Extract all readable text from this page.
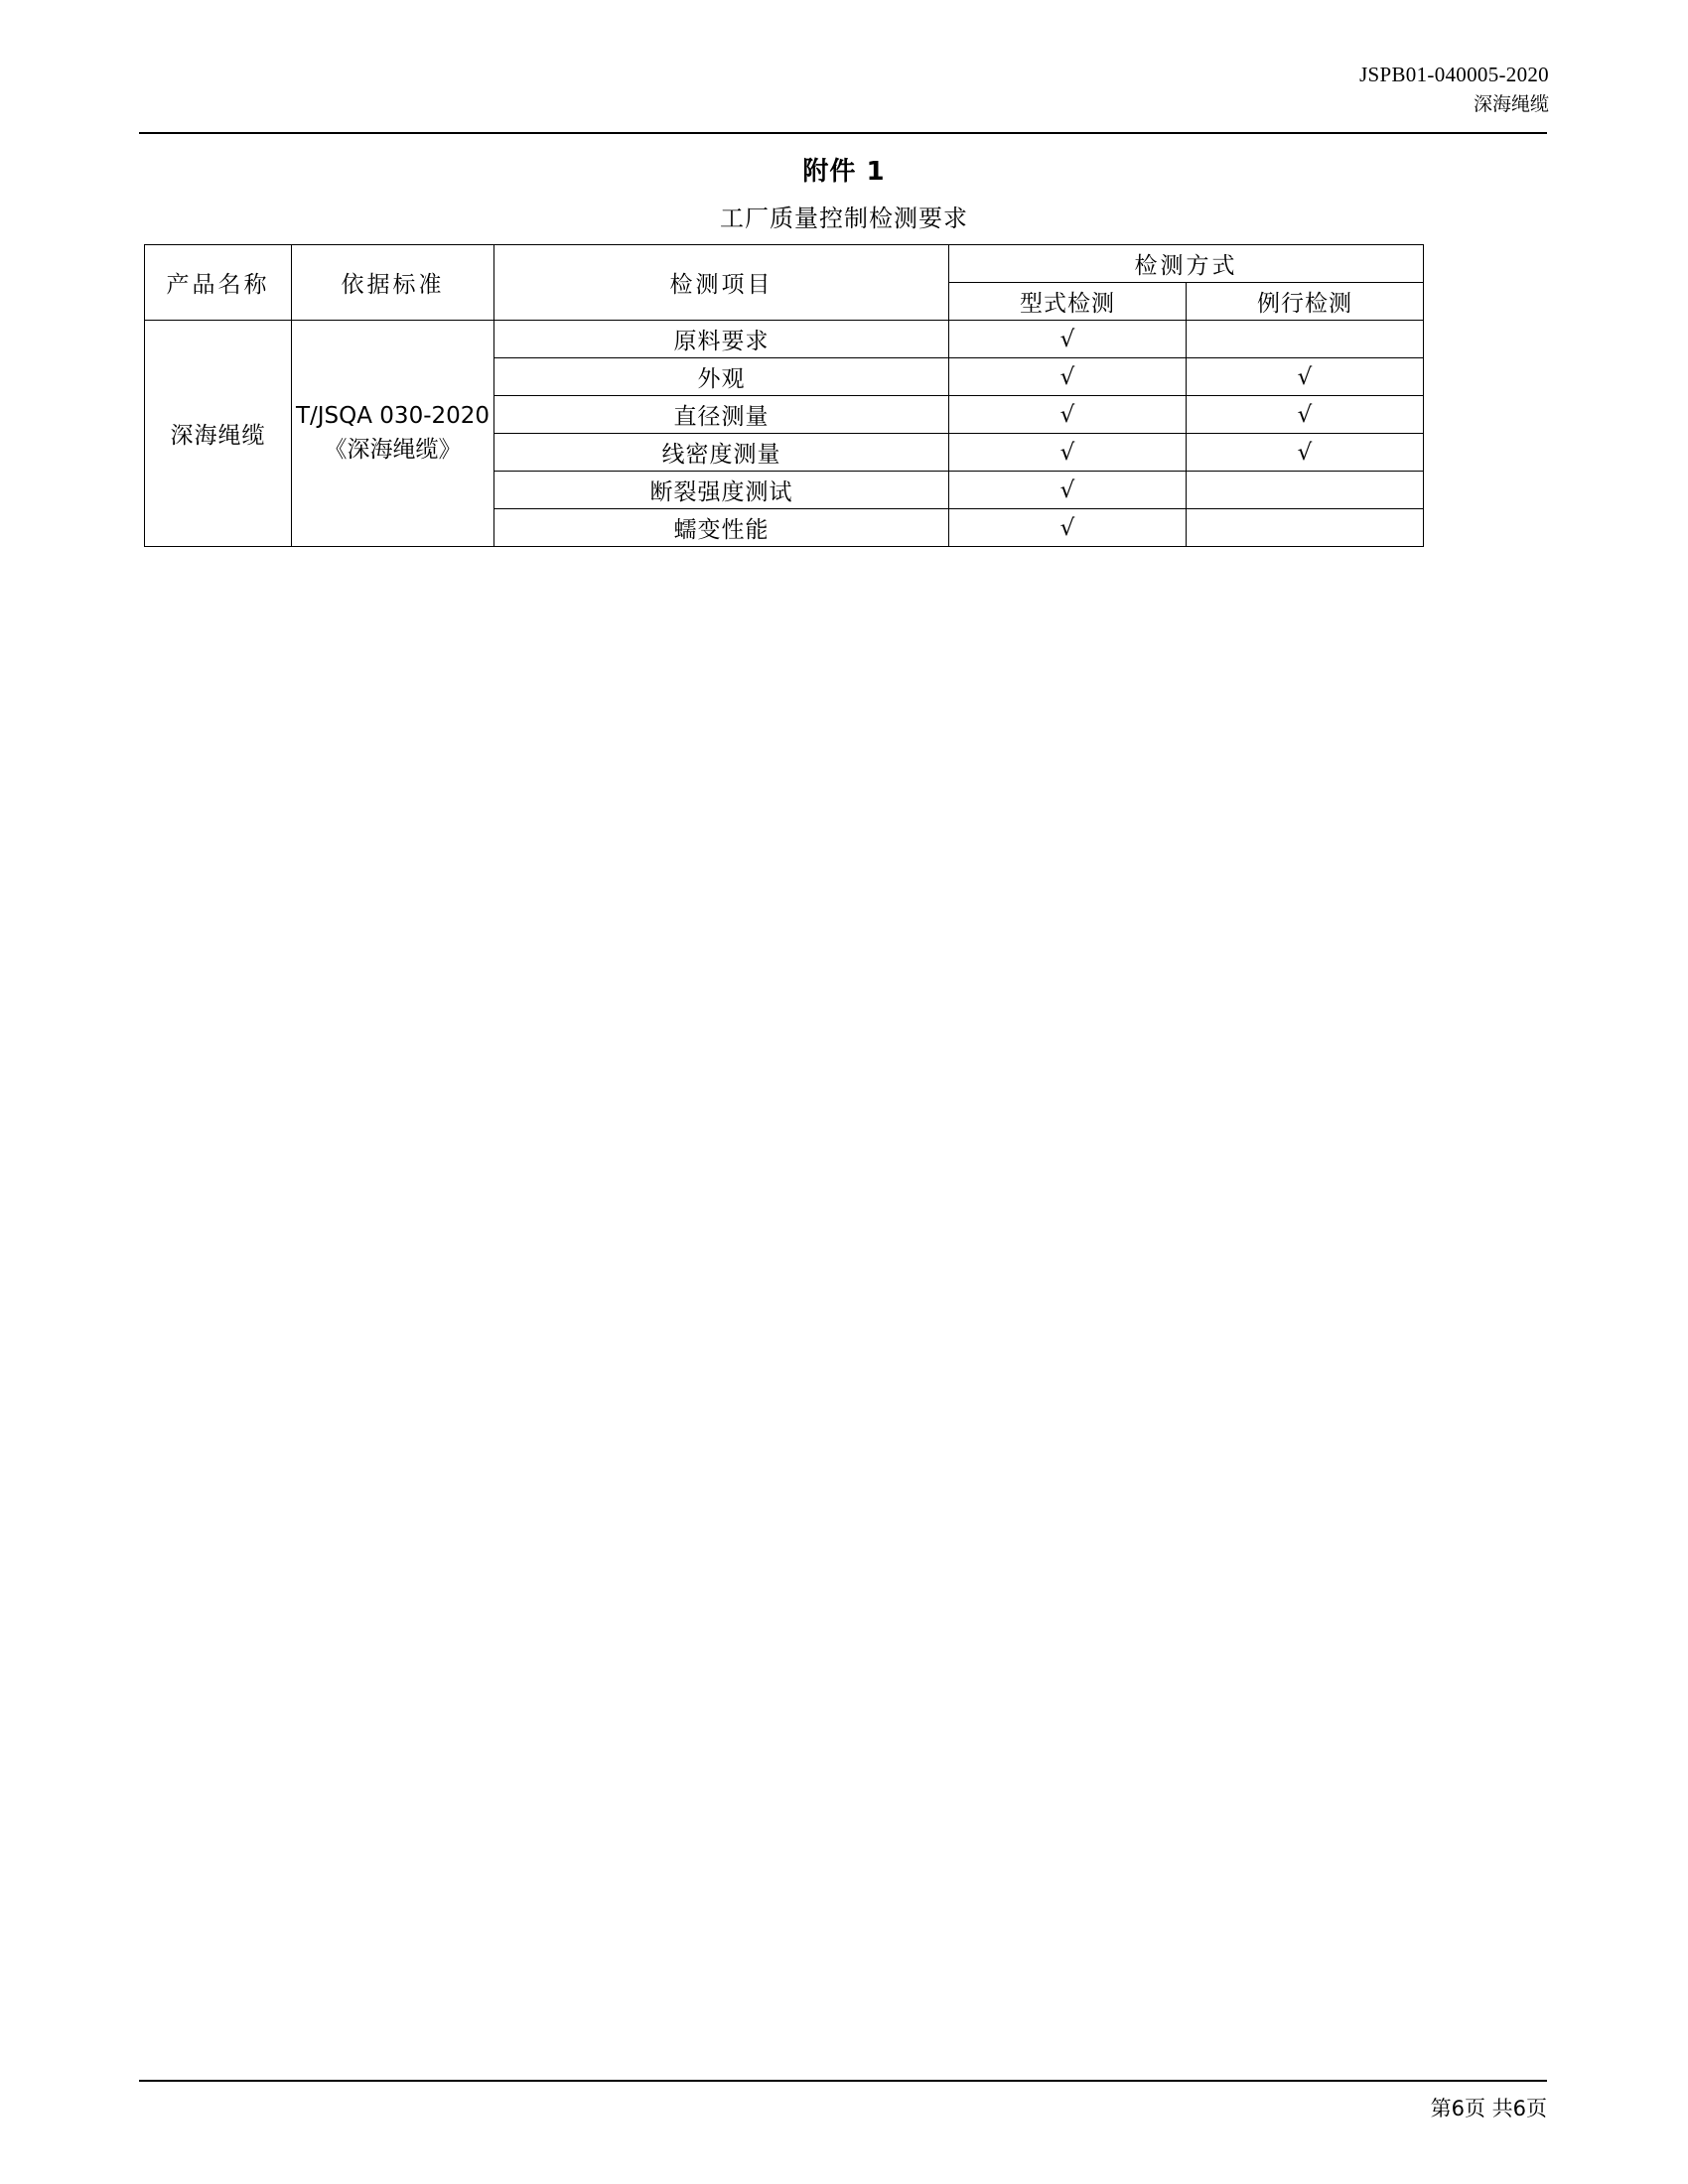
JSPB01-040005-2020
深海绳缆
附件 1
工厂质量控制检测要求
产品名称	依据标准	检测项目	检测方式	
			型式检测	例行检测
深海绳缆	T/JSQA 030-2020《深海绳缆》	原料要求	√	
		外观	√	√
		直径测量	√	√
		线密度测量	√	√
		断裂强度测试	√	
		蠕变性能	√	
第6页 共6页
